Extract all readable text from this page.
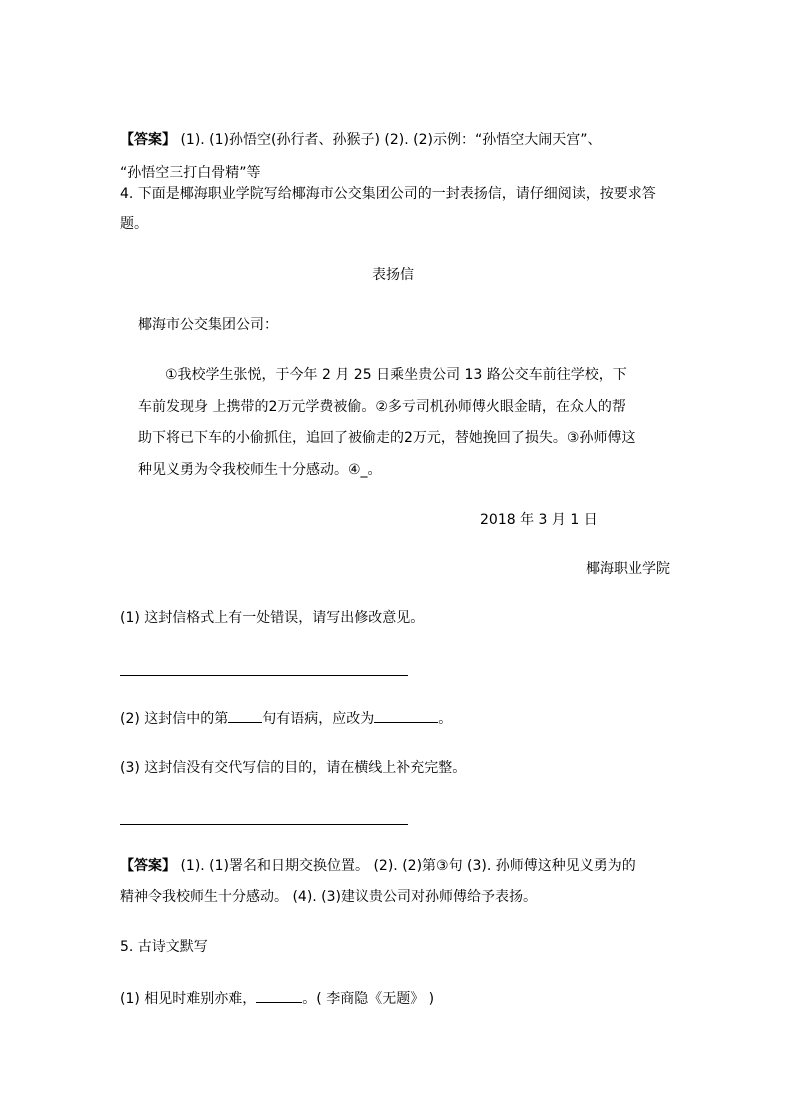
【答案】 (1). (1)孙悟空(孙行者、孙猴子) (2). (2)示例：“孙悟空大闹天宫”、
“孙悟空三打白骨精”等
4. 下面是椰海职业学院写给椰海市公交集团公司的一封表扬信，请仔细阅读，按要求答
题。
表扬信
椰海市公交集团公司：
①我校学生张悦，于今年 2 月 25 日乘坐贵公司 13 路公交车前往学校，下
车前发现身 上携带的2万元学费被偷。②多亏司机孙师傅火眼金睛，在众人的帮
助下将已下车的小偷抓住，追回了被偷走的2万元，替她挽回了损失。③孙师傅这
种见义勇为令我校师生十分感动。④_。
2018 年 3 月 1 日
椰海职业学院
(1) 这封信格式上有一处错误，请写出修改意见。
(2) 这封信中的第 句有语病，应改为	。
(3) 这封信没有交代写信的目的，请在横线上补充完整。
【答案】 (1). (1)署名和日期交换位置。 (2). (2)第③句 (3). 孙师傅这种见义勇为的
精神令我校师生十分感动。 (4). (3)建议贵公司对孙师傅给予表扬。
5. 古诗文默写
(1) 相见时难别亦难，	。( 李商隐《无题》 )
